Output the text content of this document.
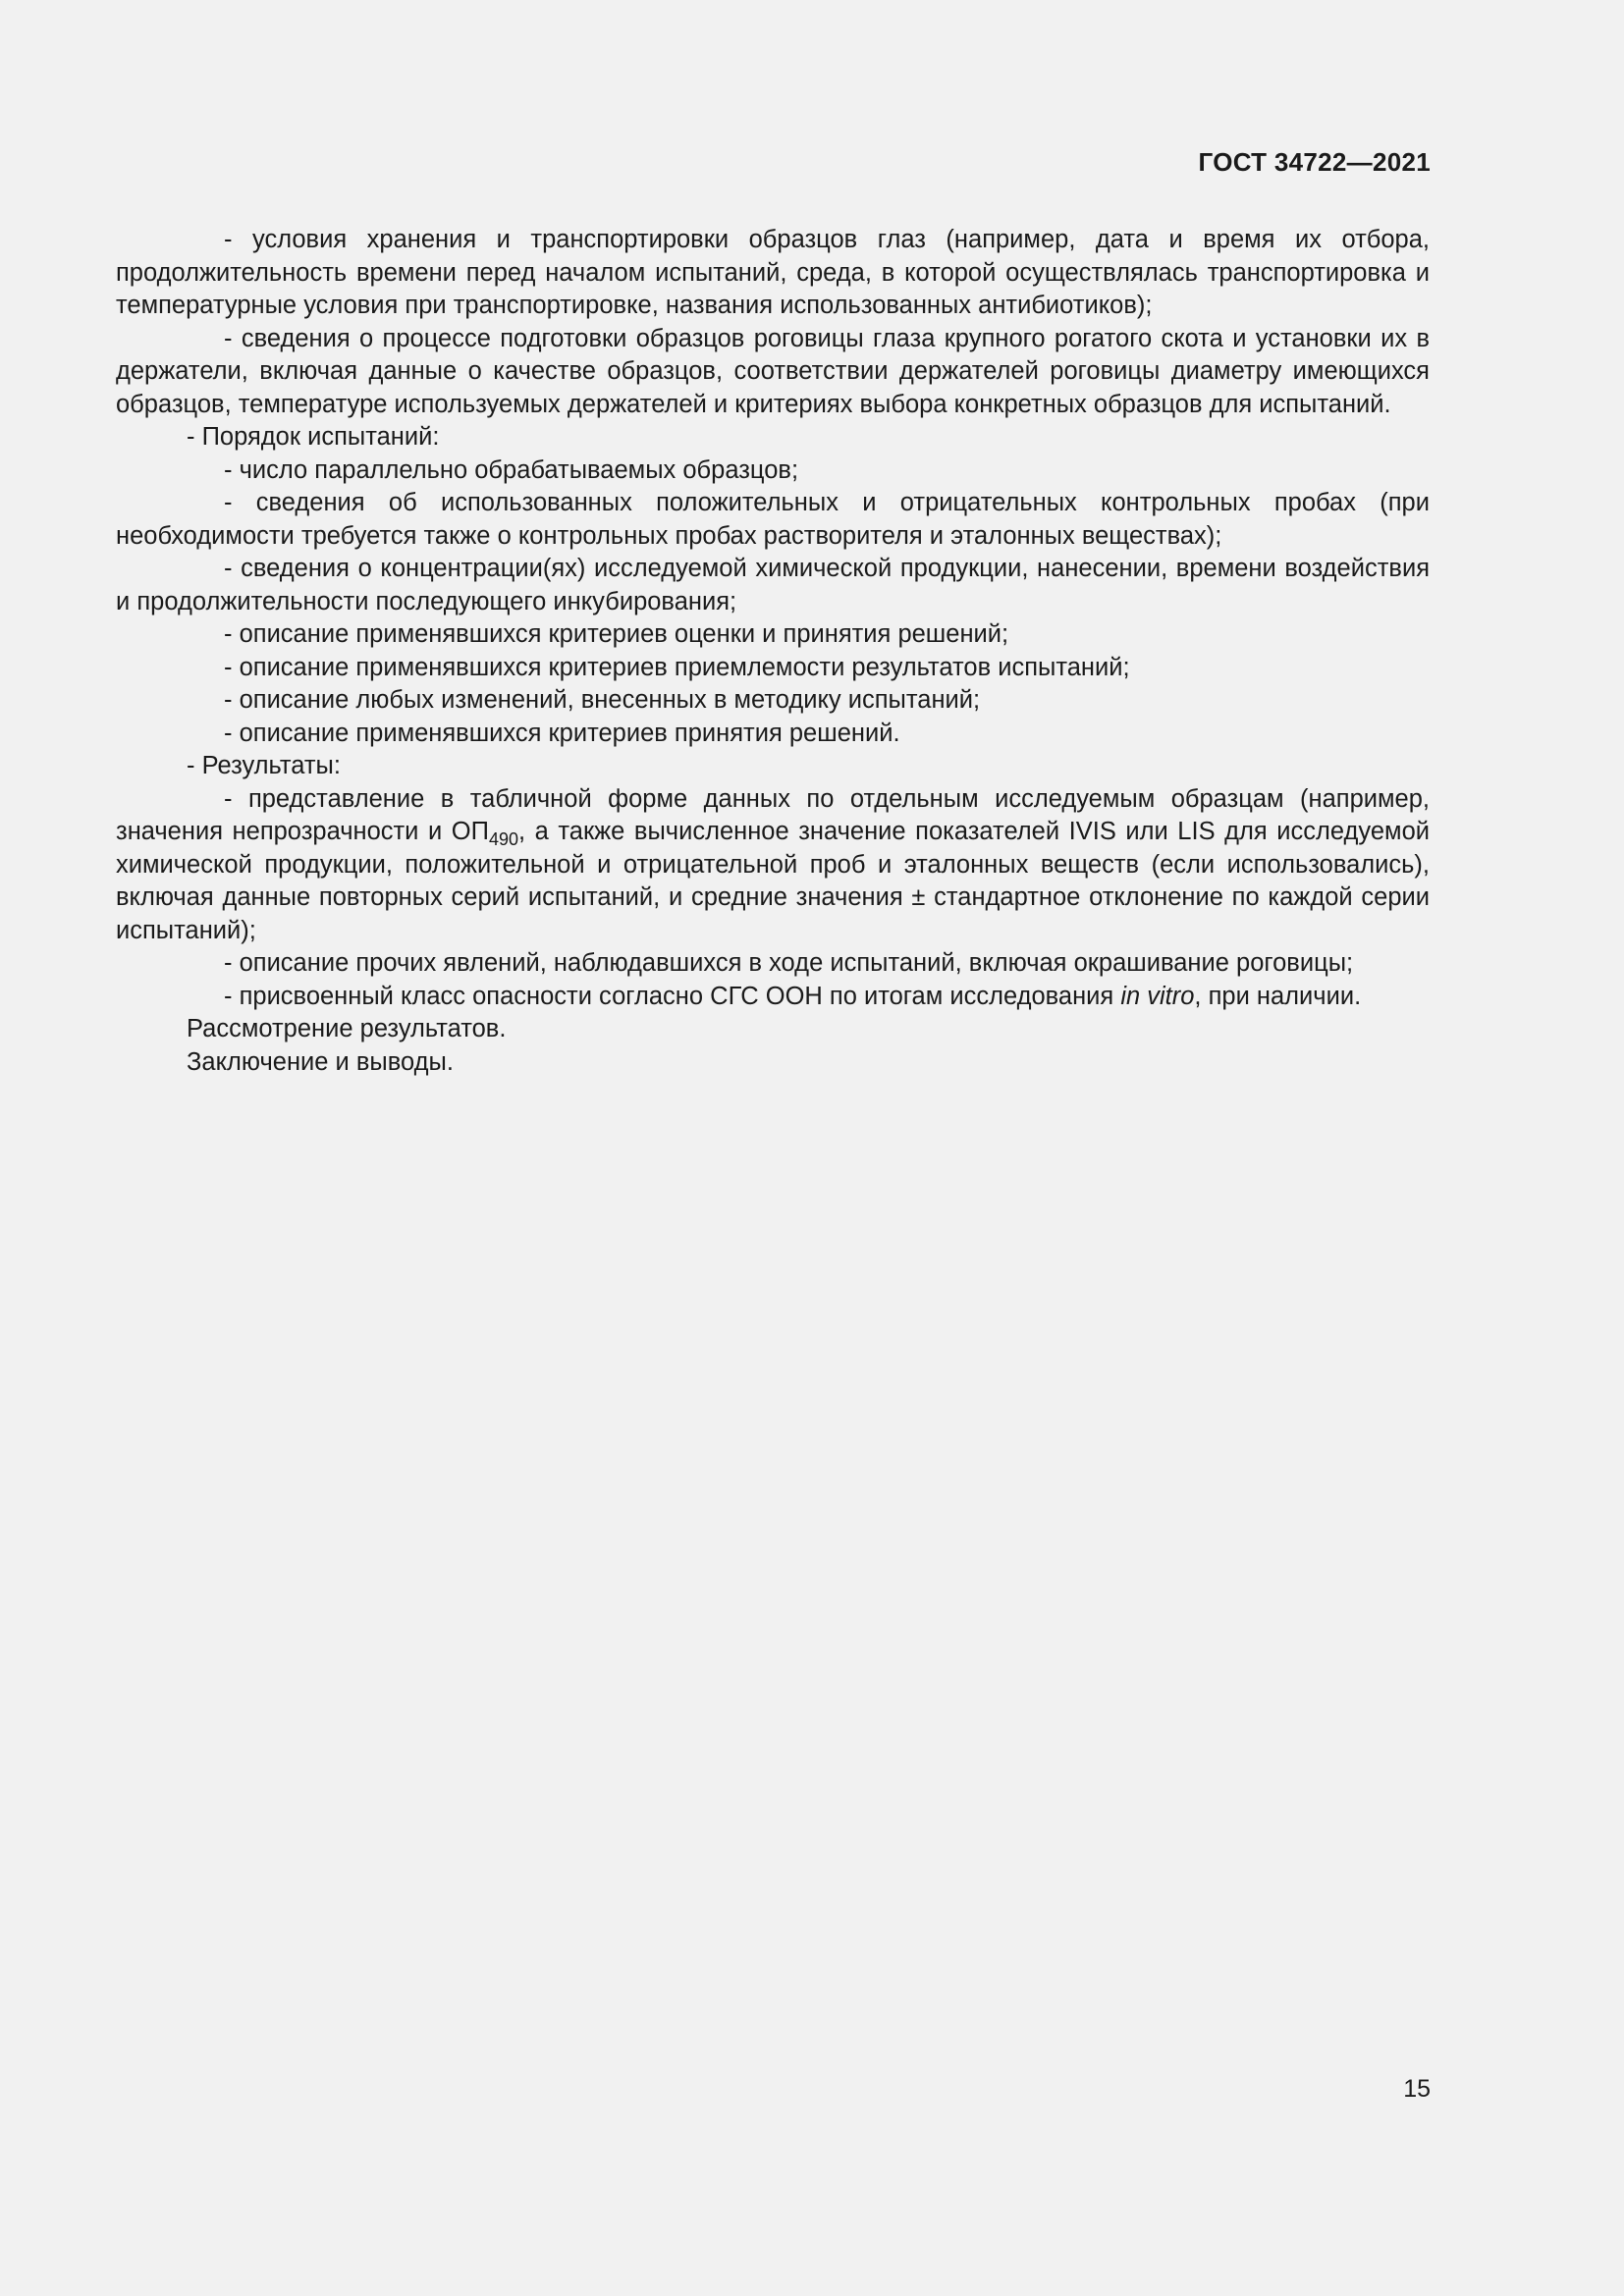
ГОСТ 34722—2021

- условия хранения и транспортировки образцов глаз (например, дата и время их отбора, продолжительность времени перед началом испытаний, среда, в которой осуществлялась транспортировка и температурные условия при транспортировке, названия использованных антибиотиков);

- сведения о процессе подготовки образцов роговицы глаза крупного рогатого скота и установки их в держатели, включая данные о качестве образцов, соответствии держателей роговицы диаметру имеющихся образцов, температуре используемых держателей и критериях выбора конкретных образцов для испытаний.

- Порядок испытаний:

- число параллельно обрабатываемых образцов;

- сведения об использованных положительных и отрицательных контрольных пробах (при необходимости требуется также о контрольных пробах растворителя и эталонных веществах);

- сведения о концентрации(ях) исследуемой химической продукции, нанесении, времени воздействия и продолжительности последующего инкубирования;

- описание применявшихся критериев оценки и принятия решений;

- описание применявшихся критериев приемлемости результатов испытаний;

- описание любых изменений, внесенных в методику испытаний;

- описание применявшихся критериев принятия решений.

- Результаты:

- представление в табличной форме данных по отдельным исследуемым образцам (например, значения непрозрачности и $ОП_{490}$, а также вычисленное значение показателей IVIS или LIS для исследуемой химической продукции, положительной и отрицательной проб и эталонных веществ (если использовались), включая данные повторных серий испытаний, и средние значения ± стандартное отклонение по каждой серии испытаний);

- описание прочих явлений, наблюдавшихся в ходе испытаний, включая окрашивание роговицы;

- присвоенный класс опасности согласно СГС ООН по итогам исследования in vitro, при наличии.

Рассмотрение результатов.

Заключение и выводы.

15
